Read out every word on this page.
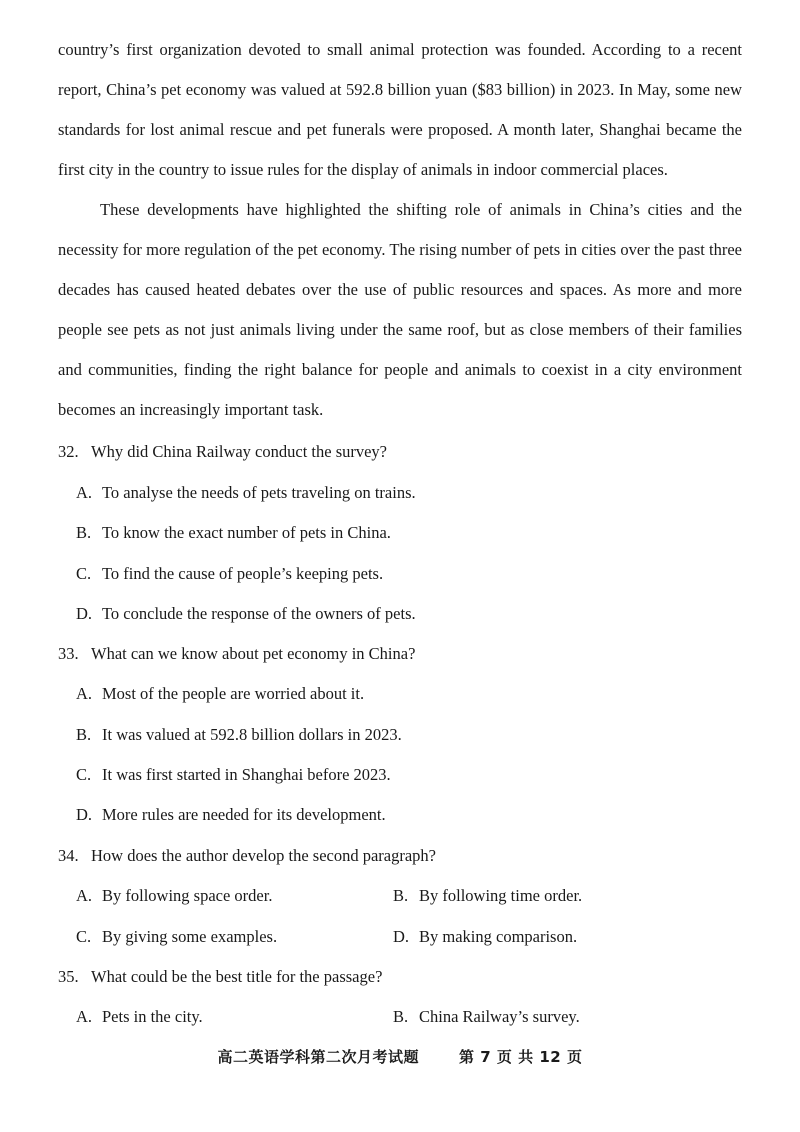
country’s first organization devoted to small animal protection was founded. According to a recent report, China’s pet economy was valued at 592.8 billion yuan ($83 billion) in 2023. In May, some new standards for lost animal rescue and pet funerals were proposed. A month later, Shanghai became the first city in the country to issue rules for the display of animals in indoor commercial places.

These developments have highlighted the shifting role of animals in China’s cities and the necessity for more regulation of the pet economy. The rising number of pets in cities over the past three decades has caused heated debates over the use of public resources and spaces. As more and more people see pets as not just animals living under the same roof, but as close members of their families and communities, finding the right balance for people and animals to coexist in a city environment becomes an increasingly important task.

32. Why did China Railway conduct the survey?
A. To analyse the needs of pets traveling on trains.
B. To know the exact number of pets in China.
C. To find the cause of people’s keeping pets.
D. To conclude the response of the owners of pets.
33. What can we know about pet economy in China?
A. Most of the people are worried about it.
B. It was valued at 592.8 billion dollars in 2023.
C. It was first started in Shanghai before 2023.
D. More rules are needed for its development.
34. How does the author develop the second paragraph?
A. By following space order.	B. By following time order.
C. By giving some examples.	D. By making comparison.
35. What could be the best title for the passage?
A. Pets in the city.	B. China Railway’s survey.
高二英语学科第二次月考试题	第 7 页 共 12 页
